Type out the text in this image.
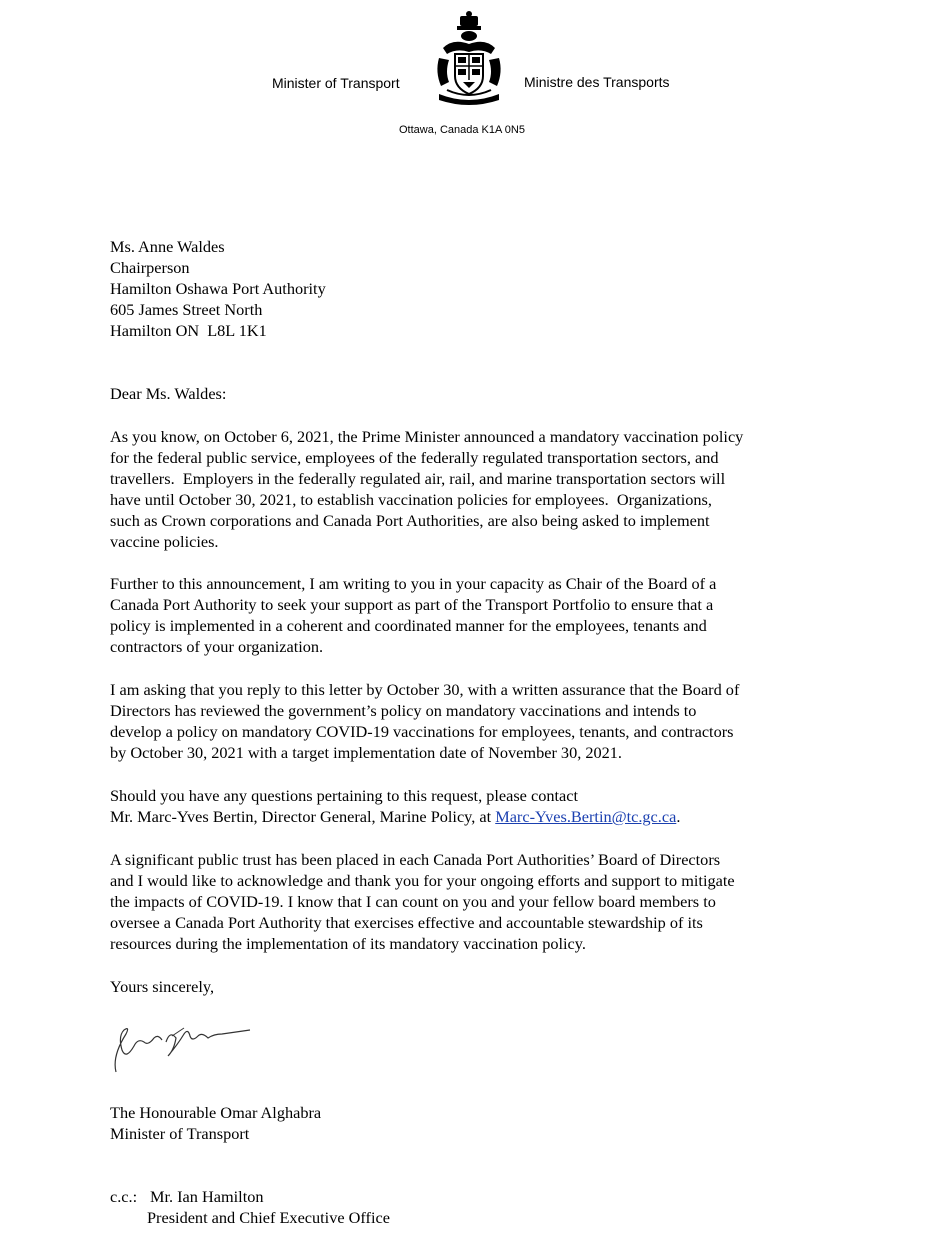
Minister of Transport	Ministre des Transports
Ottawa, Canada K1A 0N5
Ms. Anne Waldes
Chairperson
Hamilton Oshawa Port Authority
605 James Street North
Hamilton ON  L8L 1K1
Dear Ms. Waldes:
As you know, on October 6, 2021, the Prime Minister announced a mandatory vaccination policy
for the federal public service, employees of the federally regulated transportation sectors, and
travellers.  Employers in the federally regulated air, rail, and marine transportation sectors will
have until October 30, 2021, to establish vaccination policies for employees.  Organizations,
such as Crown corporations and Canada Port Authorities, are also being asked to implement
vaccine policies.
Further to this announcement, I am writing to you in your capacity as Chair of the Board of a
Canada Port Authority to seek your support as part of the Transport Portfolio to ensure that a
policy is implemented in a coherent and coordinated manner for the employees, tenants and
contractors of your organization.
I am asking that you reply to this letter by October 30, with a written assurance that the Board of
Directors has reviewed the government’s policy on mandatory vaccinations and intends to
develop a policy on mandatory COVID-19 vaccinations for employees, tenants, and contractors
by October 30, 2021 with a target implementation date of November 30, 2021.
Should you have any questions pertaining to this request, please contact
Mr. Marc-Yves Bertin, Director General, Marine Policy, at Marc-Yves.Bertin@tc.gc.ca.
A significant public trust has been placed in each Canada Port Authorities’ Board of Directors
and I would like to acknowledge and thank you for your ongoing efforts and support to mitigate
the impacts of COVID-19. I know that I can count on you and your fellow board members to
oversee a Canada Port Authority that exercises effective and accountable stewardship of its
resources during the implementation of its mandatory vaccination policy.
Yours sincerely,
The Honourable Omar Alghabra
Minister of Transport
c.c.: Mr. Ian Hamilton
President and Chief Executive Office
